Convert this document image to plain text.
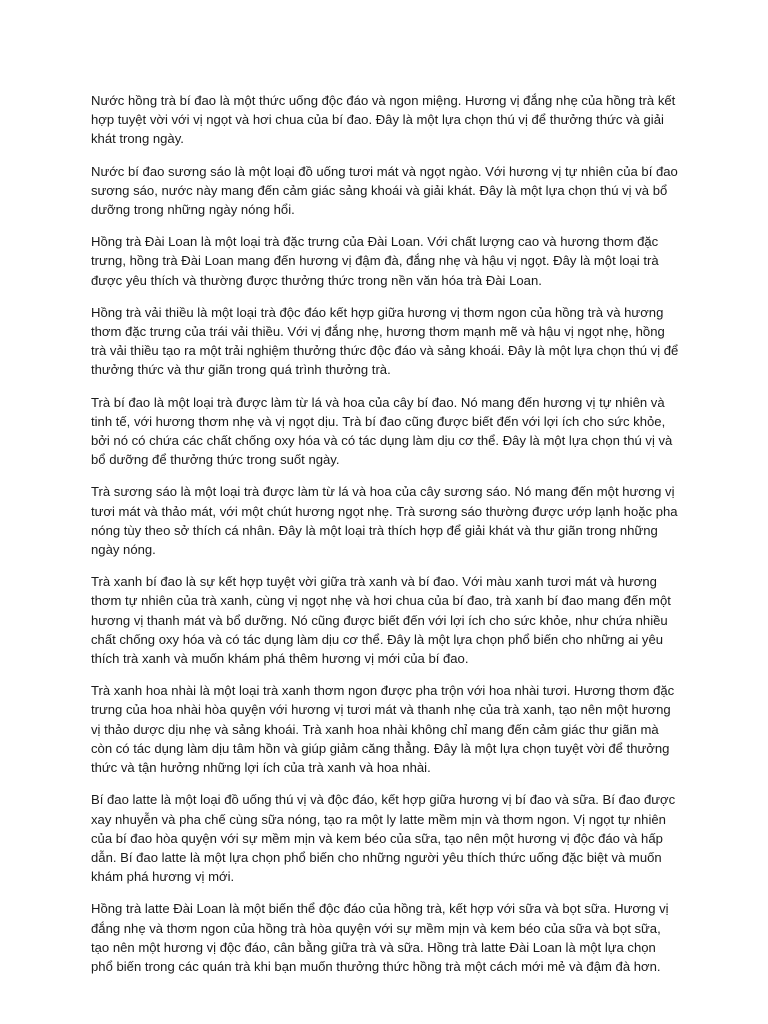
Nước hồng trà bí đao là một thức uống độc đáo và ngon miệng. Hương vị đắng nhẹ của hồng trà kết hợp tuyệt vời với vị ngọt và hơi chua của bí đao. Đây là một lựa chọn thú vị để thưởng thức và giải khát trong ngày.

Nước bí đao sương sáo là một loại đồ uống tươi mát và ngọt ngào. Với hương vị tự nhiên của bí đao sương sáo, nước này mang đến cảm giác sảng khoái và giải khát. Đây là một lựa chọn thú vị và bổ dưỡng trong những ngày nóng hổi.

Hồng trà Đài Loan là một loại trà đặc trưng của Đài Loan. Với chất lượng cao và hương thơm đặc trưng, hồng trà Đài Loan mang đến hương vị đậm đà, đắng nhẹ và hậu vị ngọt. Đây là một loại trà được yêu thích và thường được thưởng thức trong nền văn hóa trà Đài Loan.

Hồng trà vải thiều là một loại trà độc đáo kết hợp giữa hương vị thơm ngon của hồng trà và hương thơm đặc trưng của trái vải thiều. Với vị đắng nhẹ, hương thơm mạnh mẽ và hậu vị ngọt nhẹ, hồng trà vải thiều tạo ra một trải nghiệm thưởng thức độc đáo và sảng khoái. Đây là một lựa chọn thú vị để thưởng thức và thư giãn trong quá trình thưởng trà.

Trà bí đao là một loại trà được làm từ lá và hoa của cây bí đao. Nó mang đến hương vị tự nhiên và tinh tế, với hương thơm nhẹ và vị ngọt dịu. Trà bí đao cũng được biết đến với lợi ích cho sức khỏe, bởi nó có chứa các chất chống oxy hóa và có tác dụng làm dịu cơ thể. Đây là một lựa chọn thú vị và bổ dưỡng để thưởng thức trong suốt ngày.

Trà sương sáo là một loại trà được làm từ lá và hoa của cây sương sáo. Nó mang đến một hương vị tươi mát và thảo mát, với một chút hương ngọt nhẹ. Trà sương sáo thường được ướp lạnh hoặc pha nóng tùy theo sở thích cá nhân. Đây là một loại trà thích hợp để giải khát và thư giãn trong những ngày nóng.

Trà xanh bí đao là sự kết hợp tuyệt vời giữa trà xanh và bí đao. Với màu xanh tươi mát và hương thơm tự nhiên của trà xanh, cùng vị ngọt nhẹ và hơi chua của bí đao, trà xanh bí đao mang đến một hương vị thanh mát và bổ dưỡng. Nó cũng được biết đến với lợi ích cho sức khỏe, như chứa nhiều chất chống oxy hóa và có tác dụng làm dịu cơ thể. Đây là một lựa chọn phổ biến cho những ai yêu thích trà xanh và muốn khám phá thêm hương vị mới của bí đao.

Trà xanh hoa nhài là một loại trà xanh thơm ngon được pha trộn với hoa nhài tươi. Hương thơm đặc trưng của hoa nhài hòa quyện với hương vị tươi mát và thanh nhẹ của trà xanh, tạo nên một hương vị thảo dược dịu nhẹ và sảng khoái. Trà xanh hoa nhài không chỉ mang đến cảm giác thư giãn mà còn có tác dụng làm dịu tâm hồn và giúp giảm căng thẳng. Đây là một lựa chọn tuyệt vời để thưởng thức và tận hưởng những lợi ích của trà xanh và hoa nhài.

Bí đao latte là một loại đồ uống thú vị và độc đáo, kết hợp giữa hương vị bí đao và sữa. Bí đao được xay nhuyễn và pha chế cùng sữa nóng, tạo ra một ly latte mềm mịn và thơm ngon. Vị ngọt tự nhiên của bí đao hòa quyện với sự mềm mịn và kem béo của sữa, tạo nên một hương vị độc đáo và hấp dẫn. Bí đao latte là một lựa chọn phổ biến cho những người yêu thích thức uống đặc biệt và muốn khám phá hương vị mới.

Hồng trà latte Đài Loan là một biến thể độc đáo của hồng trà, kết hợp với sữa và bọt sữa. Hương vị đắng nhẹ và thơm ngon của hồng trà hòa quyện với sự mềm mịn và kem béo của sữa và bọt sữa, tạo nên một hương vị độc đáo, cân bằng giữa trà và sữa. Hồng trà latte Đài Loan là một lựa chọn phổ biến trong các quán trà khi bạn muốn thưởng thức hồng trà một cách mới mẻ và đậm đà hơn.
